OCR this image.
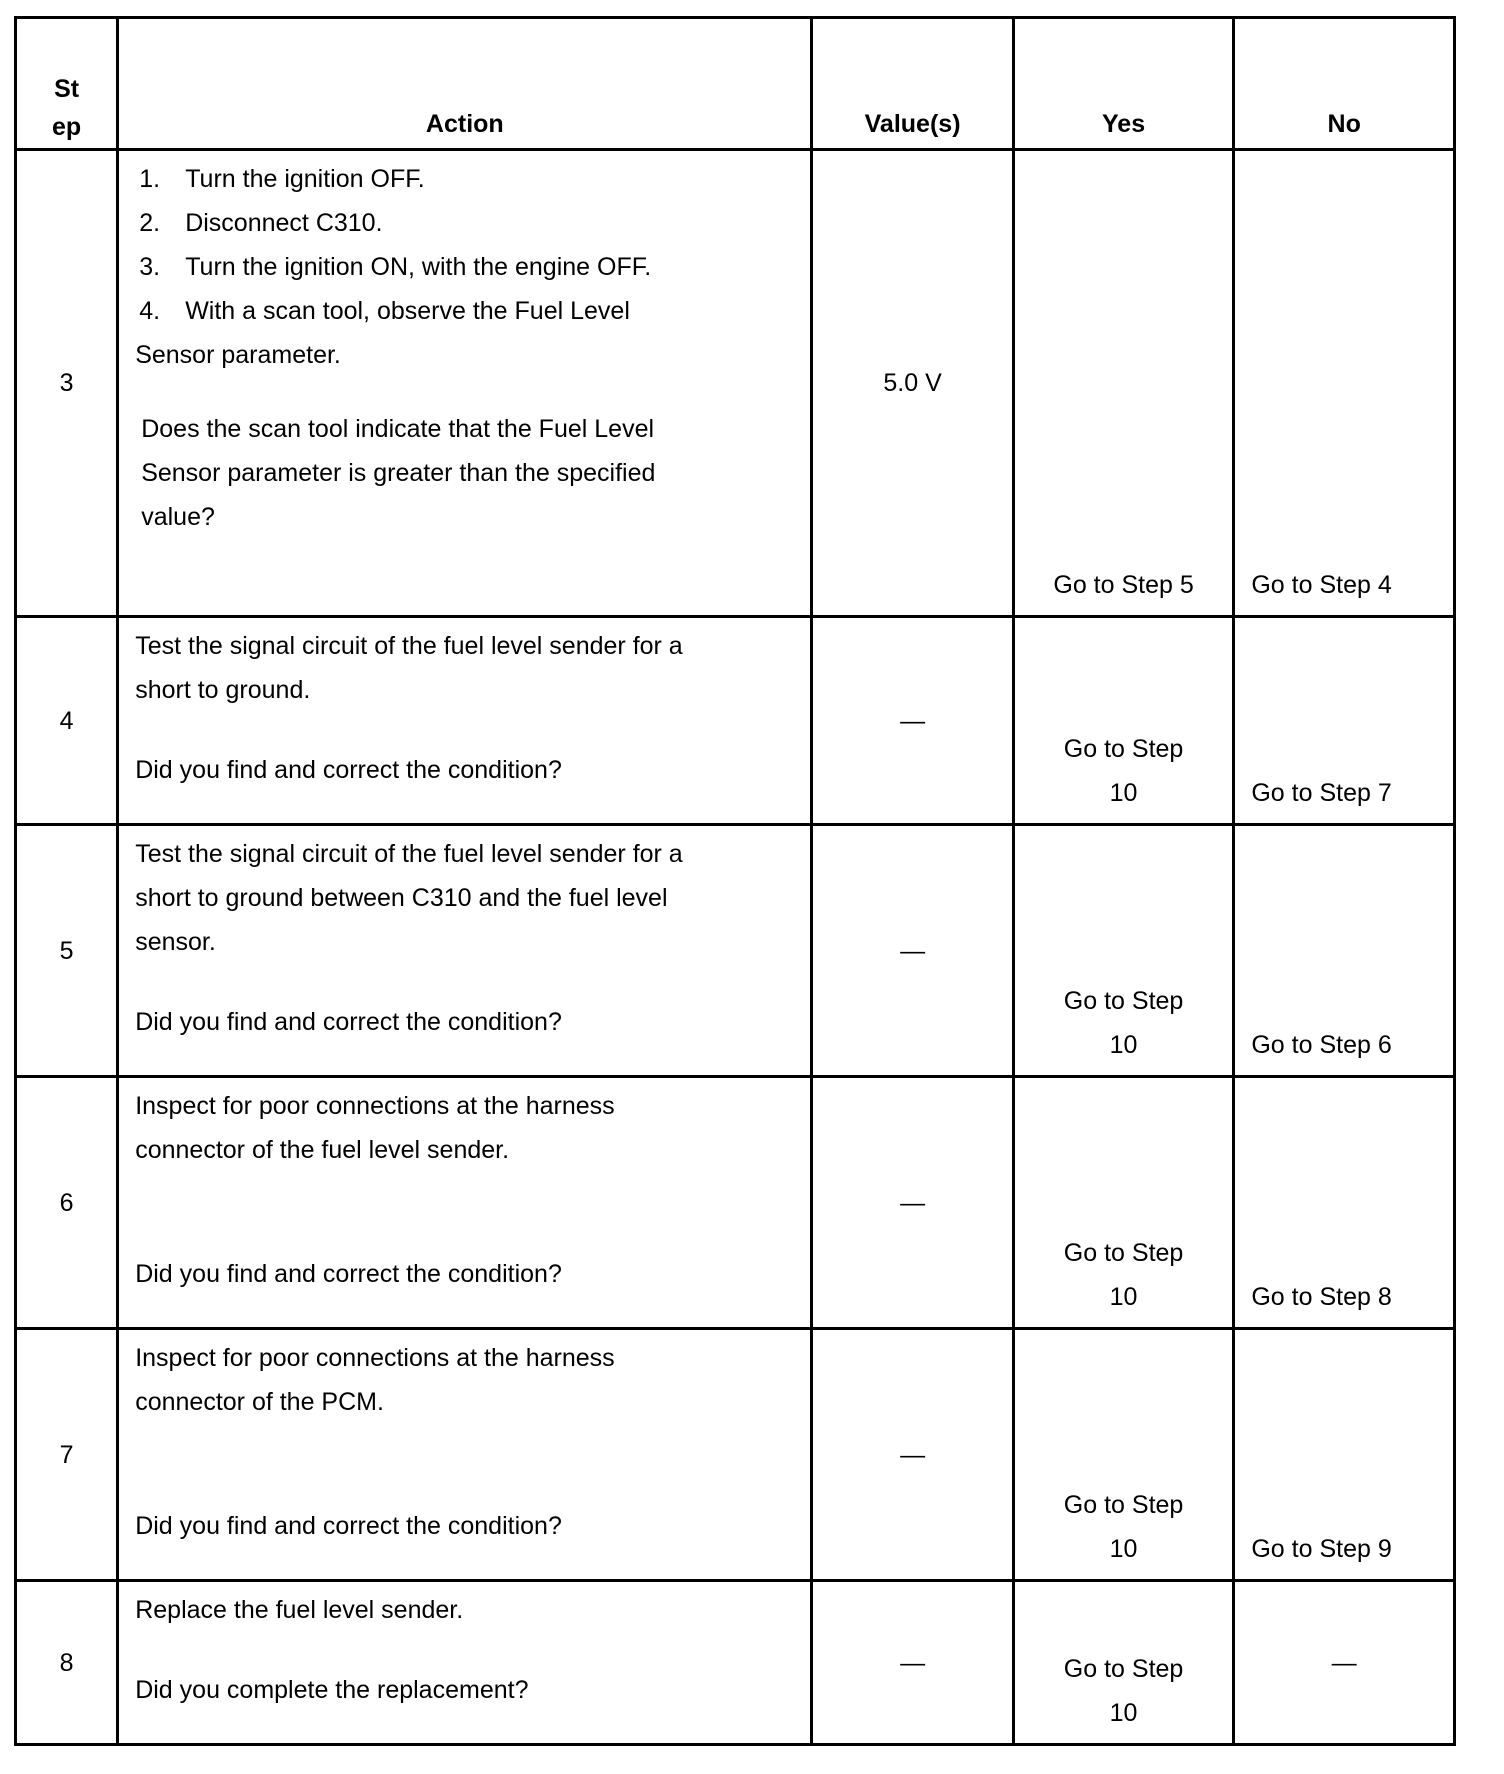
St ep	Action	Value(s)	Yes	No
3	1. Turn the ignition OFF.
2. Disconnect C310.
3. Turn the ignition ON, with the engine OFF.
4. With a scan tool, observe the Fuel Level Sensor parameter.
Does the scan tool indicate that the Fuel Level Sensor parameter is greater than the specified value?	5.0 V	Go to Step 5	Go to Step 4
4	Test the signal circuit of the fuel level sender for a short to ground.
Did you find and correct the condition?	—	Go to Step 10	Go to Step 7
5	Test the signal circuit of the fuel level sender for a short to ground between C310 and the fuel level sensor.
Did you find and correct the condition?	—	Go to Step 10	Go to Step 6
6	Inspect for poor connections at the harness connector of the fuel level sender.
Did you find and correct the condition?	—	Go to Step 10	Go to Step 8
7	Inspect for poor connections at the harness connector of the PCM.
Did you find and correct the condition?	—	Go to Step 10	Go to Step 9
8	Replace the fuel level sender.
Did you complete the replacement?	—	Go to Step 10	—
